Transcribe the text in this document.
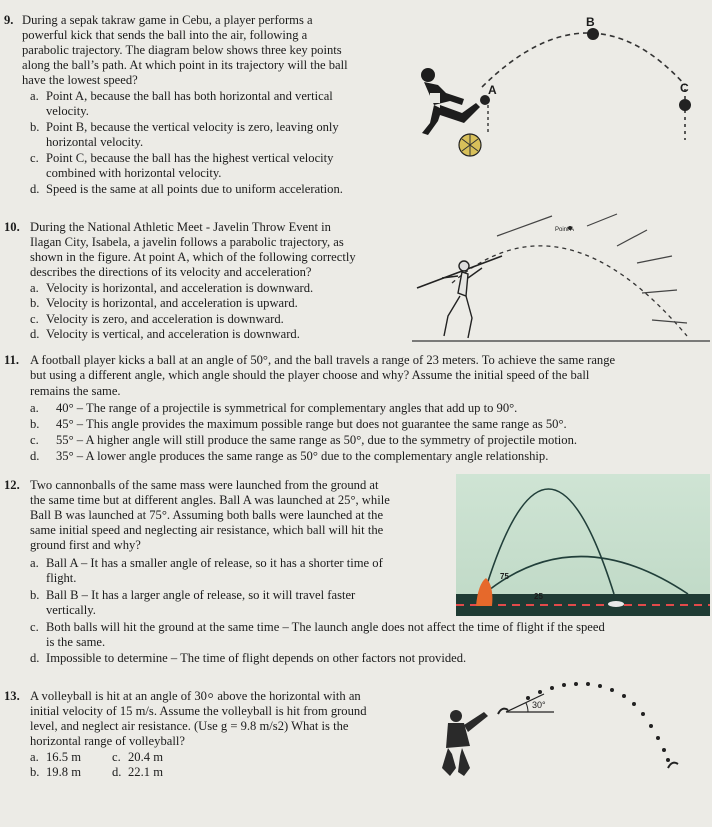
9. During a sepak takraw game in Cebu, a player performs a
powerful kick that sends the ball into the air, following a
parabolic trajectory. The diagram below shows three key points
along the ball’s path. At which point in its trajectory will the ball
have the lowest speed?
a. Point A, because the ball has both horizontal and vertical
velocity.
b. Point B, because the vertical velocity is zero, leaving only
horizontal velocity.
c. Point C, because the ball has the highest vertical velocity
combined with horizontal velocity.
d. Speed is the same at all points due to uniform acceleration.
B
A	C
10. During the National Athletic Meet - Javelin Throw Event in
Ilagan City, Isabela, a javelin follows a parabolic trajectory, as
shown in the figure. At point A, which of the following correctly
describes the directions of its velocity and acceleration?
a. Velocity is horizontal, and acceleration is downward.
b. Velocity is horizontal, and acceleration is upward.
c. Velocity is zero, and acceleration is downward.
d. Velocity is vertical, and acceleration is downward.
Point A
11. A football player kicks a ball at an angle of 50°, and the ball travels a range of 23 meters. To achieve the same range
but using a different angle, which angle should the player choose and why? Assume the initial speed of the ball
remains the same.
a. 40° – The range of a projectile is symmetrical for complementary angles that add up to 90°.
b. 45° – This angle provides the maximum possible range but does not guarantee the same range as 50°.
c. 55° – A higher angle will still produce the same range as 50°, due to the symmetry of projectile motion.
d. 35° – A lower angle produces the same range as 50° due to the complementary angle relationship.
12. Two cannonballs of the same mass were launched from the ground at
the same time but at different angles. Ball A was launched at 25°, while
Ball B was launched at 75°. Assuming both balls were launched at the
same initial speed and neglecting air resistance, which ball will hit the
ground first and why?
a. Ball A – It has a smaller angle of release, so it has a shorter time of
flight.
b. Ball B – It has a larger angle of release, so it will travel faster
vertically.
c. Both balls will hit the ground at the same time – The launch angle does not affect the time of flight if the speed
is the same.
d. Impossible to determine – The time of flight depends on other factors not provided.
75
25
13. A volleyball is hit at an angle of 30⸰ above the horizontal with an
initial velocity of 15 m/s. Assume the volleyball is hit from ground
level, and neglect air resistance. (Use g = 9.8 m/s2) What is the
horizontal range of volleyball?
a. 16.5 m c. 20.4 m
b. 19.8 m d. 22.1 m
30°
